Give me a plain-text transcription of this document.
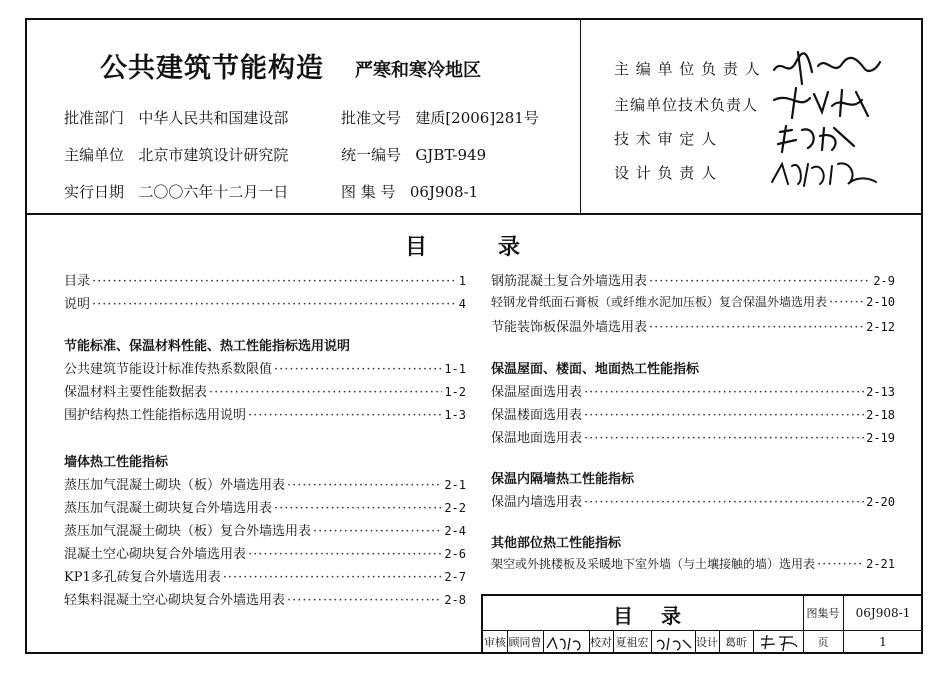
公共建筑节能构造 严寒和寒冷地区
批准部门 中华人民共和国建设部
主编单位 北京市建筑设计研究院
实行日期 二〇〇六年十二月一日
批准文号 建质[2006]281号
统一编号 GJBT-949
图 集 号 06J908-1
主 编 单 位 负 责 人
主编单位技术负责人
技 术 审 定 人
设 计 负 责 人
目	录
目录 ·····	1
说明 ·····	4
节能标准、保温材料性能、热工性能指标选用说明
公共建筑节能设计标准传热系数限值 ·····	1-1
保温材料主要性能数据表 ·····	1-2
围护结构热工性能指标选用说明 ·····	1-3
墙体热工性能指标
蒸压加气混凝土砌块（板）外墙选用表 ·····	2-1
蒸压加气混凝土砌块复合外墙选用表 ·····	2-2
蒸压加气混凝土砌块（板）复合外墙选用表 ·····	2-4
混凝土空心砌块复合外墙选用表 ·····	2-6
KP1多孔砖复合外墙选用表 ·····	2-7
轻集料混凝土空心砌块复合外墙选用表 ·····	2-8
钢筋混凝土复合外墙选用表 ·····	2-9
轻钢龙骨纸面石膏板（或纤维水泥加压板）复合保温外墙选用表 ·····	2-10
节能装饰板保温外墙选用表 ·····	2-12
保温屋面、楼面、地面热工性能指标
保温屋面选用表 ·····	2-13
保温楼面选用表 ·····	2-18
保温地面选用表 ·····	2-19
保温内隔墙热工性能指标
保温内墙选用表 ·····	2-20
其他部位热工性能指标
架空或外挑楼板及采暖地下室外墙（与土壤接触的墙）选用表 ·····	2-21
目	录	图集号	06J908-1
页	1
审核 顾同曾	校对 夏祖宏	设计 葛昕
